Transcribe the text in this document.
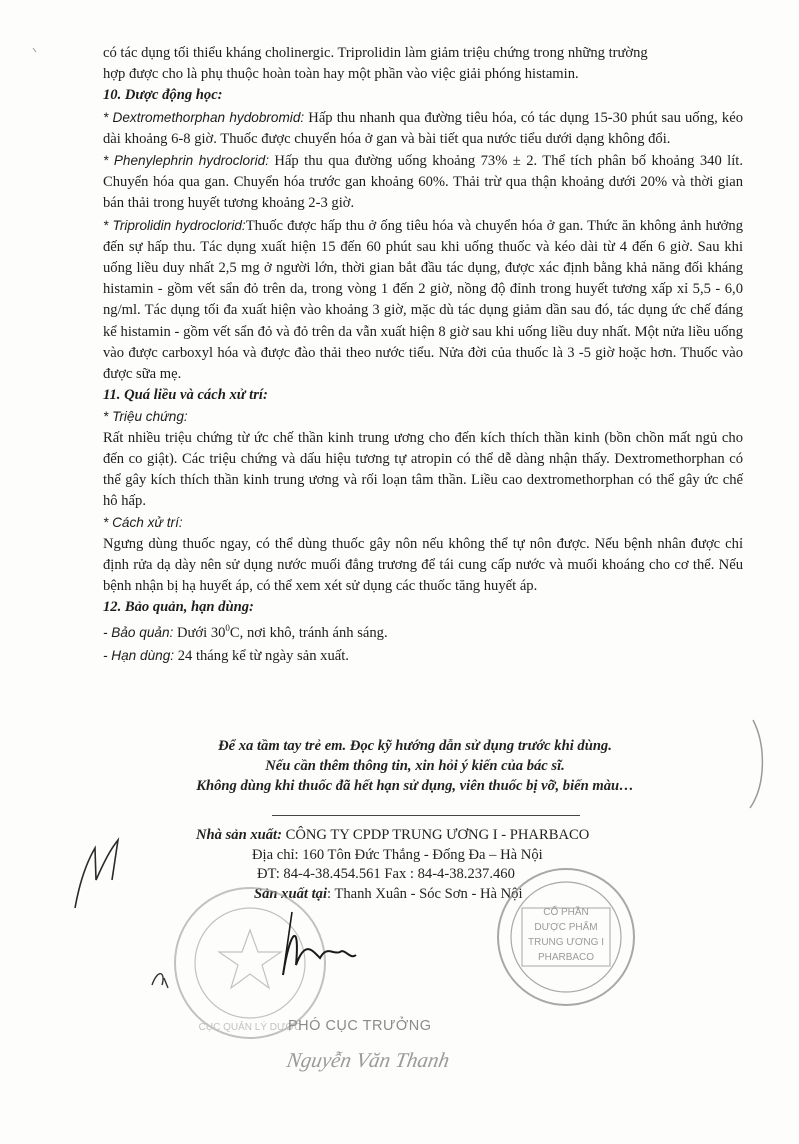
có tác dụng tối thiểu kháng cholinergic. Triprolidin làm giảm triệu chứng trong những trường
hợp được cho là phụ thuộc hoàn toàn hay một phần vào việc giải phóng histamin.

10. Dược động học:

* Dextromethorphan hydobromid: Hấp thu nhanh qua đường tiêu hóa, có tác dụng 15-30 phút sau uống, kéo dài khoảng 6-8 giờ. Thuốc được chuyển hóa ở gan và bài tiết qua nước tiểu dưới dạng không đổi.

* Phenylephrin hydroclorid: Hấp thu qua đường uống khoảng 73% ± 2. Thể tích phân bố khoảng 340 lít. Chuyển hóa qua gan. Chuyển hóa trước gan khoảng 60%. Thải trừ qua thận khoảng dưới 20% và thời gian bán thải trong huyết tương khoảng 2-3 giờ.

* Triprolidin hydroclorid:Thuốc được hấp thu ở ống tiêu hóa và chuyển hóa ở gan. Thức ăn không ảnh hưởng đến sự hấp thu. Tác dụng xuất hiện 15 đến 60 phút sau khi uống thuốc và kéo dài từ 4 đến 6 giờ. Sau khi uống liều duy nhất 2,5 mg ở người lớn, thời gian bắt đầu tác dụng, được xác định bằng khả năng đối kháng histamin - gồm vết sẩn đỏ trên da, trong vòng 1 đến 2 giờ, nồng độ đỉnh trong huyết tương xấp xỉ 5,5 - 6,0 ng/ml. Tác dụng tối đa xuất hiện vào khoảng 3 giờ, mặc dù tác dụng giảm dần sau đó, tác dụng ức chế đáng kể histamin - gồm vết sẩn đỏ và đỏ trên da vẫn xuất hiện 8 giờ sau khi uống liều duy nhất. Một nửa liều uống vào được carboxyl hóa và được đào thải theo nước tiểu. Nửa đời của thuốc là 3 -5 giờ hoặc hơn. Thuốc vào được sữa mẹ.

11. Quá liều và cách xử trí:

* Triệu chứng:

Rất nhiều triệu chứng từ ức chế thần kinh trung ương cho đến kích thích thần kinh (bồn chồn mất ngủ cho đến co giật). Các triệu chứng và dấu hiệu tương tự atropin có thể dễ dàng nhận thấy. Dextromethorphan có thể gây kích thích thần kinh trung ương và rối loạn tâm thần. Liều cao dextromethorphan có thể gây ức chế hô hấp.

* Cách xử trí:

Ngưng dùng thuốc ngay, có thể dùng thuốc gây nôn nếu không thể tự nôn được. Nếu bệnh nhân được chỉ định rửa dạ dày nên sử dụng nước muối đẳng trương để tái cung cấp nước và muối khoáng cho cơ thể. Nếu bệnh nhận bị hạ huyết áp, có thể xem xét sử dụng các thuốc tăng huyết áp.

12. Bảo quản, hạn dùng:

- Bảo quản: Dưới $30^0C$, nơi khô, tránh ánh sáng.

- Hạn dùng: 24 tháng kể từ ngày sản xuất.

Để xa tầm tay trẻ em. Đọc kỹ hướng dẫn sử dụng trước khi dùng.
Nếu cần thêm thông tin, xin hỏi ý kiến của bác sĩ.
Không dùng khi thuốc đã hết hạn sử dụng, viên thuốc bị vỡ, biến màu…
Nhà sản xuất: CÔNG TY CPDP TRUNG ƯƠNG I - PHARBACO
Địa chỉ: 160 Tôn Đức Thắng - Đống Đa – Hà Nội
ĐT: 84-4-38.454.561 Fax : 84-4-38.237.460
Sản xuất tại: Thanh Xuân - Sóc Sơn - Hà Nội
CỔ PHẦN
DƯỢC PHẨM
TRUNG ƯƠNG I
PHARBACO
CỤC QUẢN LÝ DƯỢC
PHÓ CỤC TRƯỞNG
Nguyễn Văn Thanh
